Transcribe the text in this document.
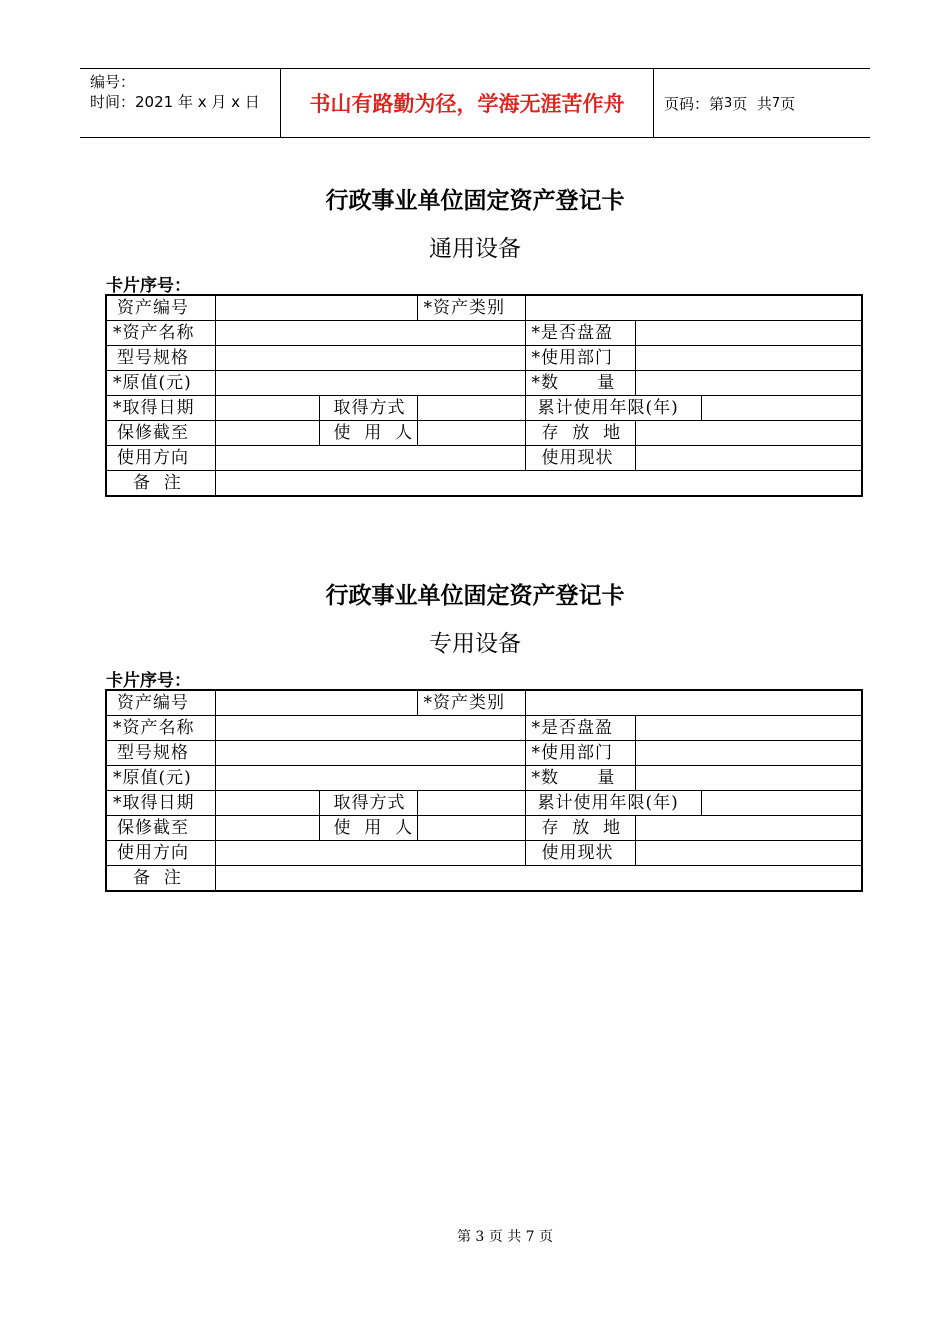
编号：
时间：2021 年 x 月 x 日	书山有路勤为径，学海无涯苦作舟	页码：第 3 页  共 7 页
行政事业单位固定资产登记卡
通用设备
卡片序号：
资产编号			*资产类别			
*资产名称				*是否盘盈		
型号规格				*使用部门		
*原值(元)				*数      量		
*取得日期		取得方式		累计使用年限(年)		
保修截至		使  用  人		存  放  地		
使用方向				使用现状		
备  注						
行政事业单位固定资产登记卡
专用设备
卡片序号：
资产编号			*资产类别			
*资产名称				*是否盘盈		
型号规格				*使用部门		
*原值(元)				*数      量		
*取得日期		取得方式		累计使用年限(年)		
保修截至		使  用  人		存  放  地		
使用方向				使用现状		
备  注						
第 3 页 共 7 页
